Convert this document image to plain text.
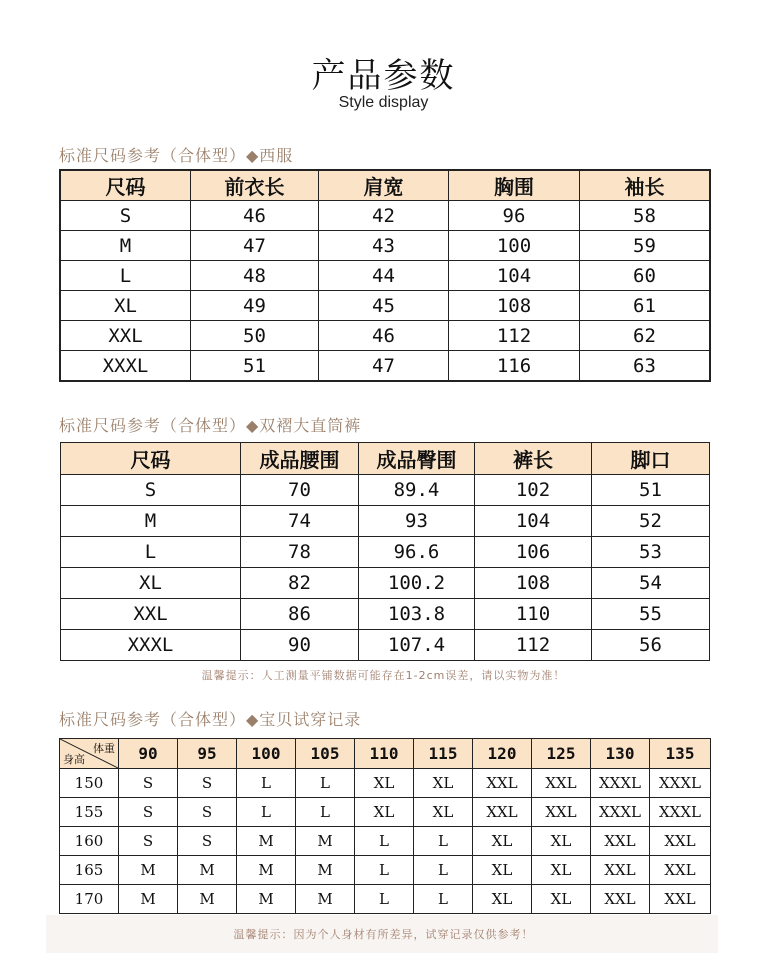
产品参数
Style display
标准尺码参考（合体型）◆西服
尺码	前衣长	肩宽	胸围	袖长
S	46	42	96	58
M	47	43	100	59
L	48	44	104	60
XL	49	45	108	61
XXL	50	46	112	62
XXXL	51	47	116	63
标准尺码参考（合体型）◆双褶大直筒裤
尺码	成品腰围	成品臀围	裤长	脚口
S	70	89.4	102	51
M	74	93	104	52
L	78	96.6	106	53
XL	82	100.2	108	54
XXL	86	103.8	110	55
XXXL	90	107.4	112	56
温馨提示：人工测量平铺数据可能存在1-2cm误差，请以实物为准！
标准尺码参考（合体型）◆宝贝试穿记录
体重
身高	90	95	100	105	110	115	120	125	130	135
150	S	S	L	L	XL	XL	XXL	XXL	XXXL	XXXL
155	S	S	L	L	XL	XL	XXL	XXL	XXXL	XXXL
160	S	S	M	M	L	L	XL	XL	XXL	XXL
165	M	M	M	M	L	L	XL	XL	XXL	XXL
170	M	M	M	M	L	L	XL	XL	XXL	XXL
温馨提示：因为个人身材有所差异，试穿记录仅供参考！
